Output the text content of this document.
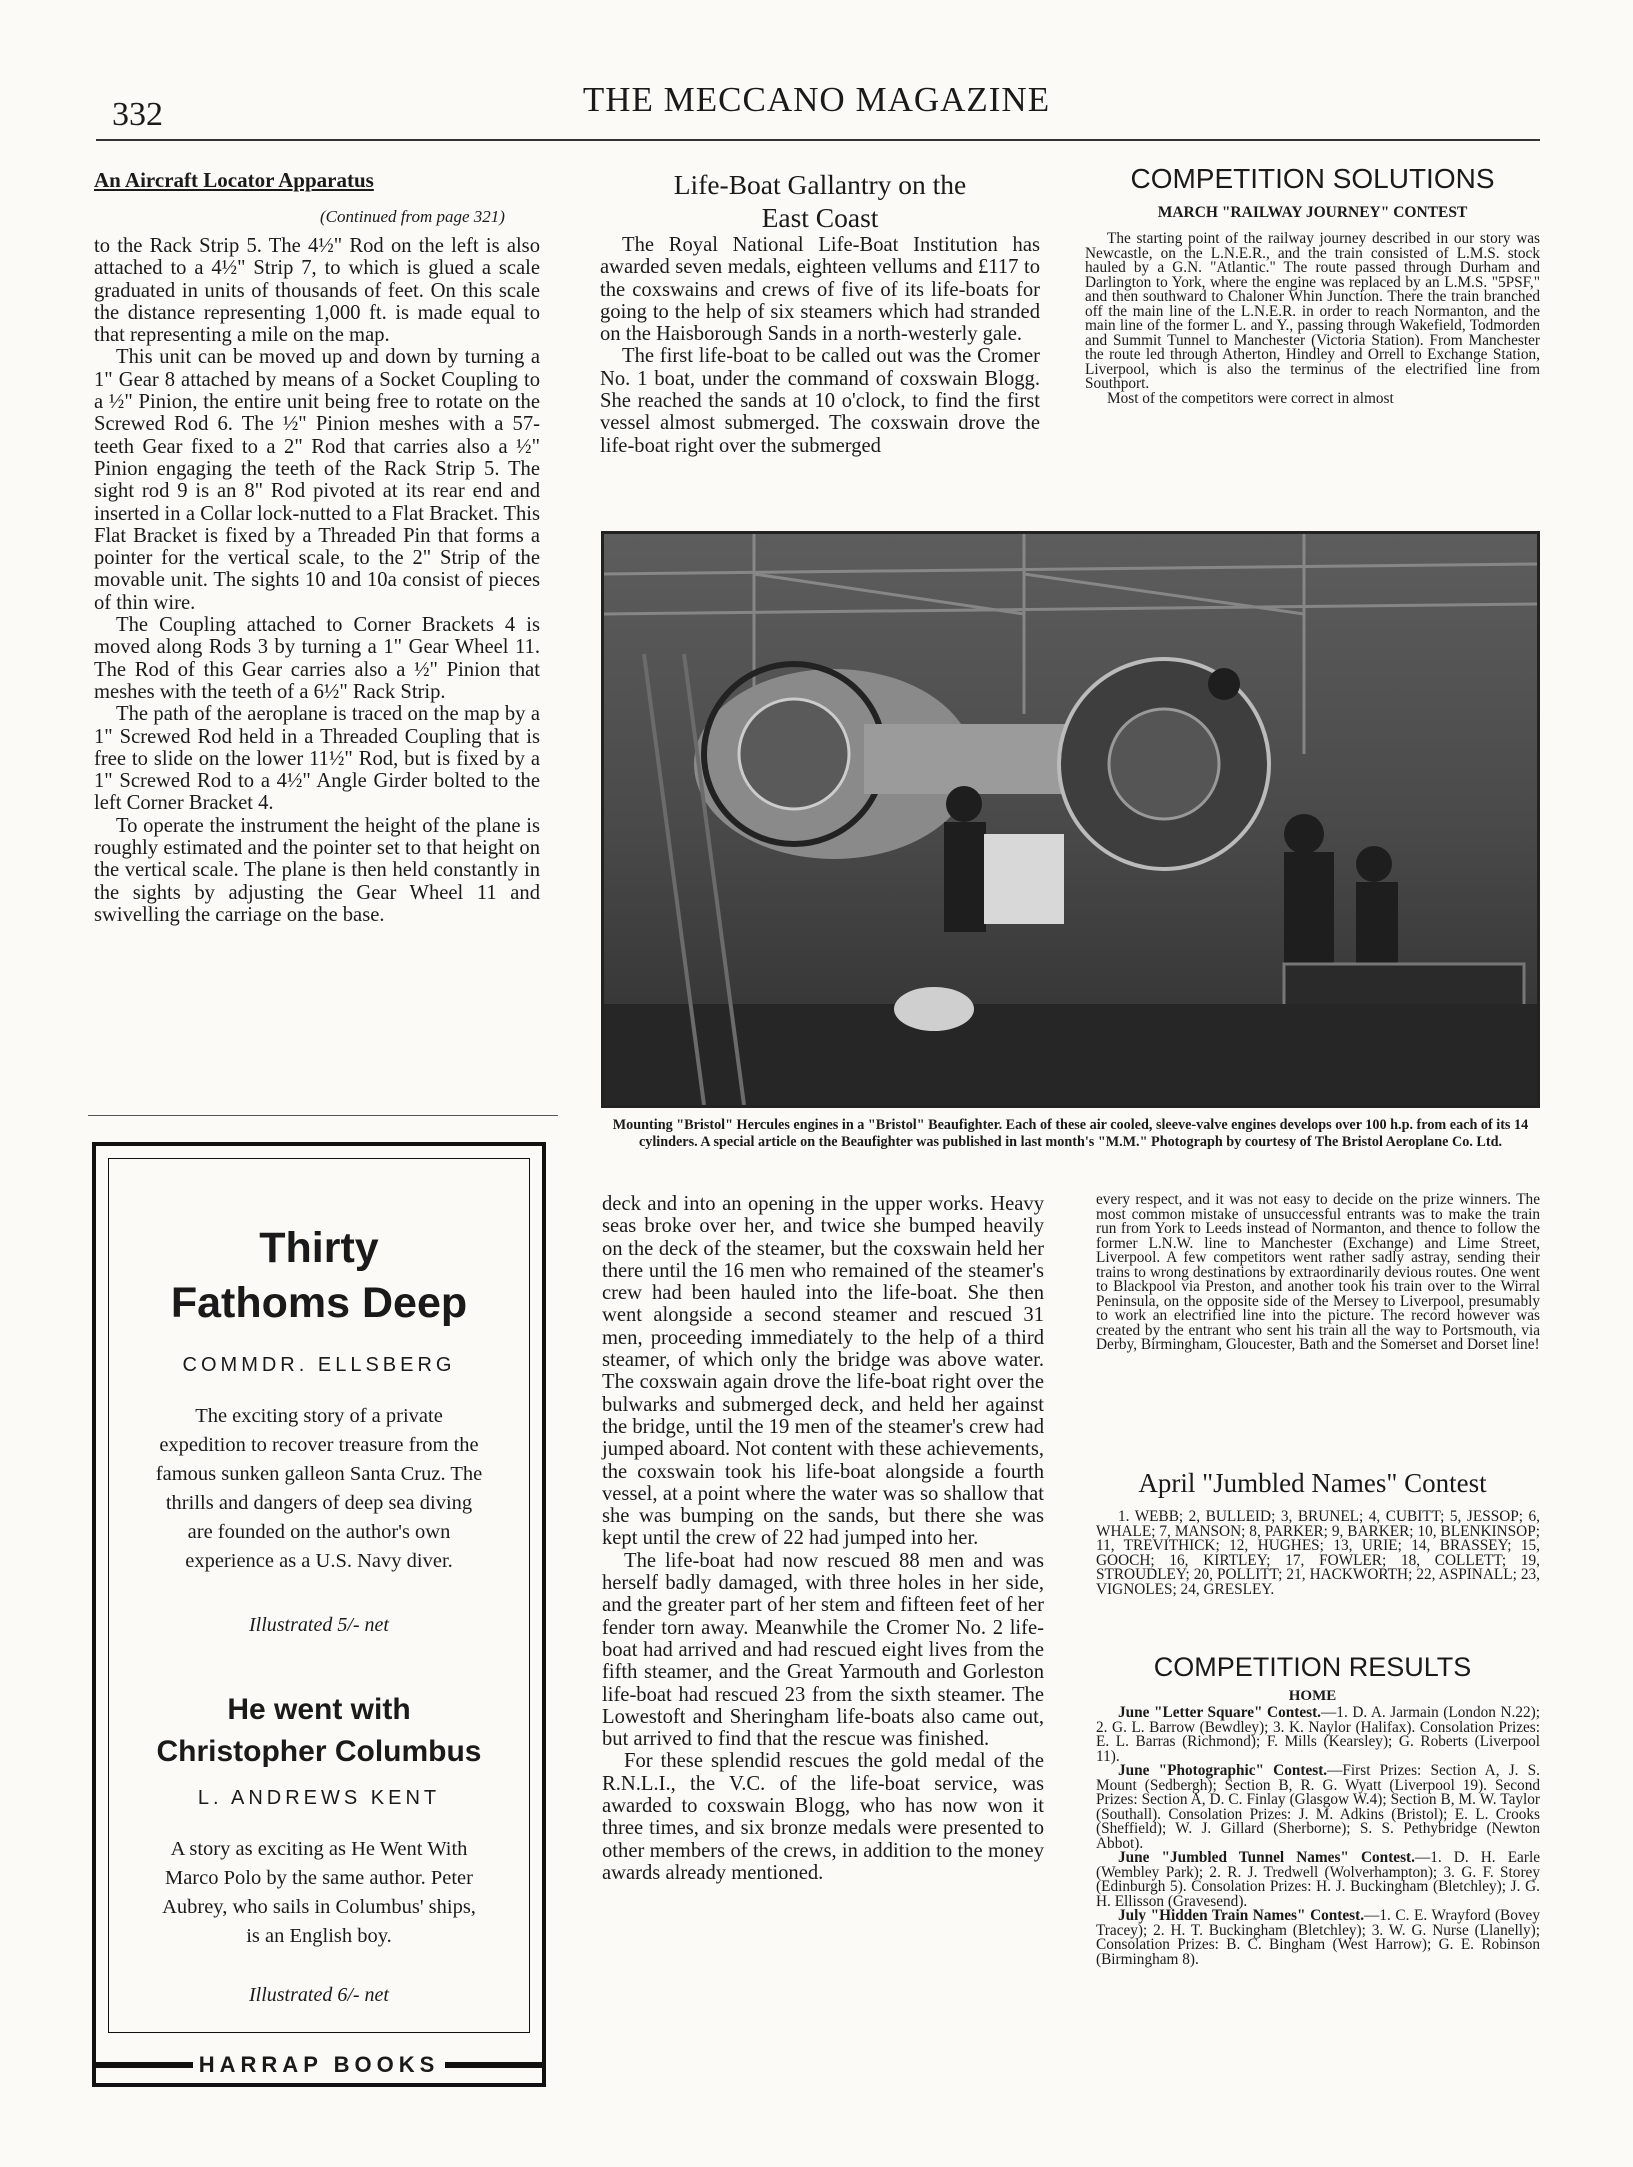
332	THE MECCANO MAGAZINE
An Aircraft Locator Apparatus
(Continued from page 321)

to the Rack Strip 5. The 4½" Rod on the left is also attached to a 4½" Strip 7, to which is glued a scale graduated in units of thousands of feet. On this scale the distance representing 1,000 ft. is made equal to that representing a mile on the map.

This unit can be moved up and down by turning a 1" Gear 8 attached by means of a Socket Coupling to a ½" Pinion, the entire unit being free to rotate on the Screwed Rod 6. The ½" Pinion meshes with a 57-teeth Gear fixed to a 2" Rod that carries also a ½" Pinion engaging the teeth of the Rack Strip 5. The sight rod 9 is an 8" Rod pivoted at its rear end and inserted in a Collar lock-nutted to a Flat Bracket. This Flat Bracket is fixed by a Threaded Pin that forms a pointer for the vertical scale, to the 2" Strip of the movable unit. The sights 10 and 10a consist of pieces of thin wire.

The Coupling attached to Corner Brackets 4 is moved along Rods 3 by turning a 1" Gear Wheel 11. The Rod of this Gear carries also a ½" Pinion that meshes with the teeth of a 6½" Rack Strip.

The path of the aeroplane is traced on the map by a 1" Screwed Rod held in a Threaded Coupling that is free to slide on the lower 11½" Rod, but is fixed by a 1" Screwed Rod to a 4½" Angle Girder bolted to the left Corner Bracket 4.

To operate the instrument the height of the plane is roughly estimated and the pointer set to that height on the vertical scale. The plane is then held constantly in the sights by adjusting the Gear Wheel 11 and swivelling the carriage on the base.

Life-Boat Gallantry on the
East Coast

The Royal National Life-Boat Institution has awarded seven medals, eighteen vellums and £117 to the coxswains and crews of five of its life-boats for going to the help of six steamers which had stranded on the Haisborough Sands in a north-westerly gale.

The first life-boat to be called out was the Cromer No. 1 boat, under the command of coxswain Blogg. She reached the sands at 10 o'clock, to find the first vessel almost submerged. The coxswain drove the life-boat right over the submerged

COMPETITION SOLUTIONS
MARCH "RAILWAY JOURNEY" CONTEST

The starting point of the railway journey described in our story was Newcastle, on the L.N.E.R., and the train consisted of L.M.S. stock hauled by a G.N. "Atlantic." The route passed through Durham and Darlington to York, where the engine was replaced by an L.M.S. "5PSF," and then southward to Chaloner Whin Junction. There the train branched off the main line of the L.N.E.R. in order to reach Normanton, and the main line of the former L. and Y., passing through Wakefield, Todmorden and Summit Tunnel to Manchester (Victoria Station). From Manchester the route led through Atherton, Hindley and Orrell to Exchange Station, Liverpool, which is also the terminus of the electrified line from Southport.

Most of the competitors were correct in almost

Mounting "Bristol" Hercules engines in a "Bristol" Beaufighter. Each of these air cooled, sleeve-valve engines develops over 100 h.p. from each of its 14 cylinders. A special article on the Beaufighter was published in last month's "M.M." Photograph by courtesy of The Bristol Aeroplane Co. Ltd.
Thirty
Fathoms Deep
COMMDR. ELLSBERG
The exciting story of a private expedition to recover treasure from the famous sunken galleon Santa Cruz. The thrills and dangers of deep sea diving are founded on the author's own experience as a U.S. Navy diver.
Illustrated 5/- net
He went with
Christopher Columbus
L. ANDREWS KENT
A story as exciting as He Went With Marco Polo by the same author. Peter Aubrey, who sails in Columbus' ships, is an English boy.
Illustrated 6/- net
HARRAP BOOKS

deck and into an opening in the upper works. Heavy seas broke over her, and twice she bumped heavily on the deck of the steamer, but the coxswain held her there until the 16 men who remained of the steamer's crew had been hauled into the life-boat. She then went alongside a second steamer and rescued 31 men, proceeding immediately to the help of a third steamer, of which only the bridge was above water. The coxswain again drove the life-boat right over the bulwarks and submerged deck, and held her against the bridge, until the 19 men of the steamer's crew had jumped aboard. Not content with these achievements, the coxswain took his life-boat alongside a fourth vessel, at a point where the water was so shallow that she was bumping on the sands, but there she was kept until the crew of 22 had jumped into her.

The life-boat had now rescued 88 men and was herself badly damaged, with three holes in her side, and the greater part of her stem and fifteen feet of her fender torn away. Meanwhile the Cromer No. 2 life-boat had arrived and had rescued eight lives from the fifth steamer, and the Great Yarmouth and Gorleston life-boat had rescued 23 from the sixth steamer. The Lowestoft and Sheringham life-boats also came out, but arrived to find that the rescue was finished.

For these splendid rescues the gold medal of the R.N.L.I., the V.C. of the life-boat service, was awarded to coxswain Blogg, who has now won it three times, and six bronze medals were presented to other members of the crews, in addition to the money awards already mentioned.

every respect, and it was not easy to decide on the prize winners. The most common mistake of unsuccessful entrants was to make the train run from York to Leeds instead of Normanton, and thence to follow the former L.N.W. line to Manchester (Exchange) and Lime Street, Liverpool. A few competitors went rather sadly astray, sending their trains to wrong destinations by extraordinarily devious routes. One went to Blackpool via Preston, and another took his train over to the Wirral Peninsula, on the opposite side of the Mersey to Liverpool, presumably to work an electrified line into the picture. The record however was created by the entrant who sent his train all the way to Portsmouth, via Derby, Birmingham, Gloucester, Bath and the Somerset and Dorset line!

April "Jumbled Names" Contest

1. WEBB; 2, BULLEID; 3, BRUNEL; 4, CUBITT; 5, JESSOP; 6, WHALE; 7, MANSON; 8, PARKER; 9, BARKER; 10, BLENKINSOP; 11, TREVITHICK; 12, HUGHES; 13, URIE; 14, BRASSEY; 15, GOOCH; 16, KIRTLEY; 17, FOWLER; 18, COLLETT; 19, STROUDLEY; 20, POLLITT; 21, HACKWORTH; 22, ASPINALL; 23, VIGNOLES; 24, GRESLEY.

COMPETITION RESULTS
HOME

June "Letter Square" Contest.—1. D. A. Jarmain (London N.22); 2. G. L. Barrow (Bewdley); 3. K. Naylor (Halifax). Consolation Prizes: E. L. Barras (Richmond); F. Mills (Kearsley); G. Roberts (Liverpool 11).

June "Photographic" Contest.—First Prizes: Section A, J. S. Mount (Sedbergh); Section B, R. G. Wyatt (Liverpool 19). Second Prizes: Section A, D. C. Finlay (Glasgow W.4); Section B, M. W. Taylor (Southall). Consolation Prizes: J. M. Adkins (Bristol); E. L. Crooks (Sheffield); W. J. Gillard (Sherborne); S. S. Pethybridge (Newton Abbot).

June "Jumbled Tunnel Names" Contest.—1. D. H. Earle (Wembley Park); 2. R. J. Tredwell (Wolverhampton); 3. G. F. Storey (Edinburgh 5). Consolation Prizes: H. J. Buckingham (Bletchley); J. G. H. Ellisson (Gravesend).

July "Hidden Train Names" Contest.—1. C. E. Wrayford (Bovey Tracey); 2. H. T. Buckingham (Bletchley); 3. W. G. Nurse (Llanelly); Consolation Prizes: B. C. Bingham (West Harrow); G. E. Robinson (Birmingham 8).
